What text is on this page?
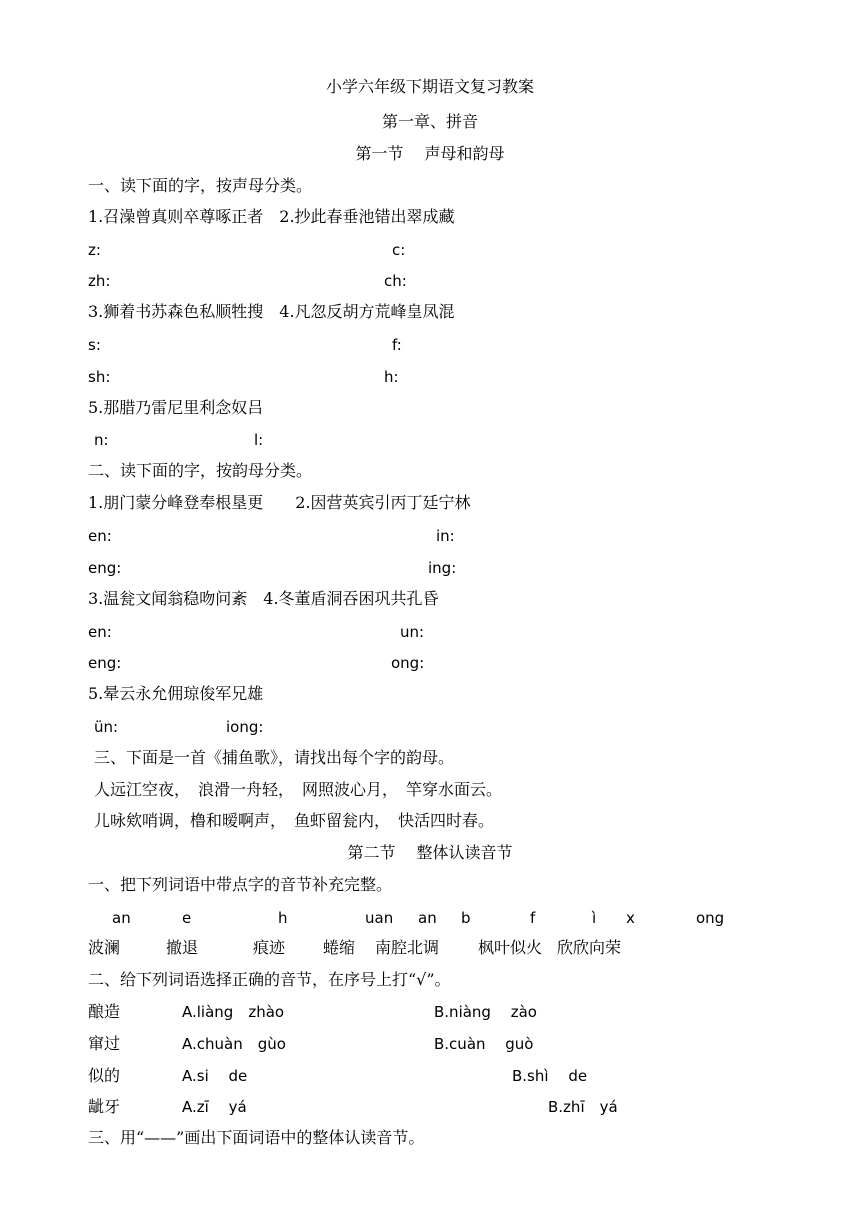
小学六年级下期语文复习教案
第一章、拼音
第一节　 声母和韵母
一、读下面的字，按声母分类。
1.召澡曾真则卒尊啄正者　2.抄此春垂池错出翠成藏
z:	c:
zh:	ch:
3.狮着书苏森色私顺牲搜　4.凡忽反胡方荒峰皇凤混
s:	f:
sh:	h:
5.那腊乃雷尼里利念奴吕
n:	l:
二、读下面的字，按韵母分类。
1.朋门蒙分峰登奉根垦更　　2.因营英宾引丙丁廷宁林
en:	in:
eng:	ing:
3.温瓮文闻翁稳吻问紊　4.冬董盾洞吞困巩共孔昏
en:	un:
eng:	ong:
5.晕云永允佣琼俊军兄雄
ün:	iong:
三、下面是一首《捕鱼歌》，请找出每个字的韵母。
人远江空夜，　浪滑一舟轻，　网照波心月，　竿穿水面云。
儿咏欸哨调，橹和暧啊声，　鱼虾留瓮内，　快活四时春。
第二节　 整体认读音节
一、把下列词语中带点字的音节补充完整。
an	e	h	uan an b	f	ì x	ong
波澜	撤退	痕迹 蜷缩 南腔北调 枫叶似火 欣欣向荣
二、给下列词语选择正确的音节，在序号上打“√”。
酿造	A.liàng　zhào	B.niàng　 zào
窜过	A.chuàn　gùo	B.cuàn　 guò
似的	A.si　 de	B.shì　 de
龇牙	A.zī　 yá	B.zhī　yá
三、用“——”画出下面词语中的整体认读音节。
